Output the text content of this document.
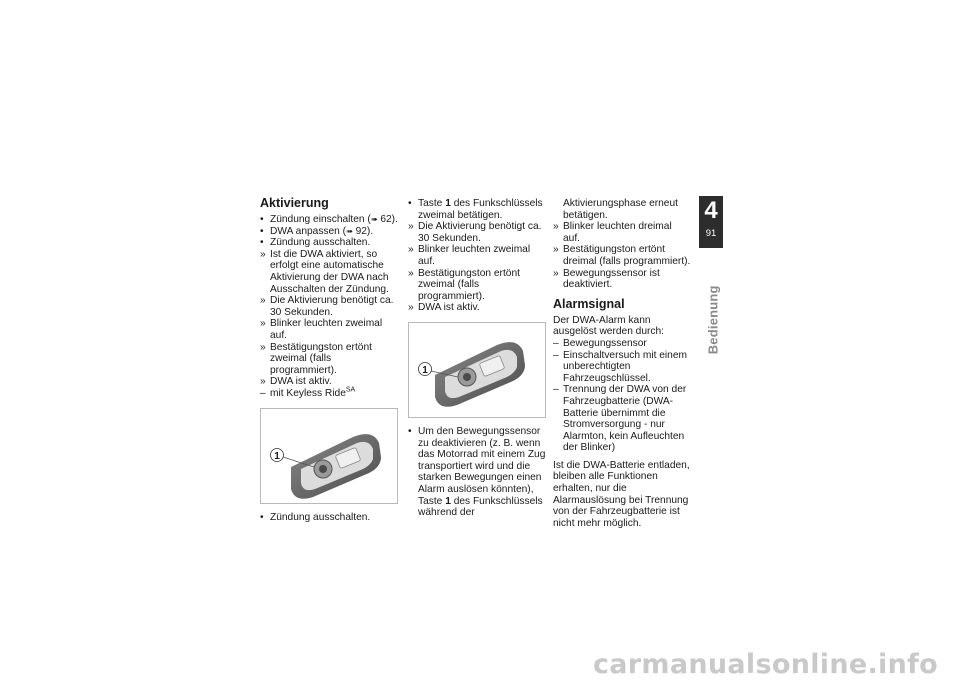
Aktivierung

• Zündung einschalten (➠ 62).

• DWA anpassen (➠ 92).

• Zündung ausschalten.

» Ist die DWA aktiviert, so erfolgt eine automatische Aktivierung der DWA nach Ausschalten der Zündung.

» Die Aktivierung benötigt ca. 30 Sekunden.

» Blinker leuchten zweimal auf.

» Bestätigungston ertönt zweimal (falls programmiert).

» DWA ist aktiv.

– mit Keyless Ride$^{SA}$

1

• Zündung ausschalten.

• Taste 1 des Funkschlüssels zweimal betätigen.

» Die Aktivierung benötigt ca. 30 Sekunden.

» Blinker leuchten zweimal auf.

» Bestätigungston ertönt zweimal (falls programmiert).

» DWA ist aktiv.

1

• Um den Bewegungssensor zu deaktivieren (z. B. wenn das Motorrad mit einem Zug transportiert wird und die starken Bewegungen einen Alarm auslösen könnten), Taste 1 des Funkschlüssels während der

Aktivierungsphase erneut betätigen.

» Blinker leuchten dreimal auf.

» Bestätigungston ertönt dreimal (falls programmiert).

» Bewegungssensor ist deaktiviert.

Alarmsignal

Der DWA-Alarm kann ausgelöst werden durch:

– Bewegungssensor

– Einschaltversuch mit einem unberechtigten Fahrzeugschlüssel.

– Trennung der DWA von der Fahrzeugbatterie (DWA-Batterie übernimmt die Stromversorgung - nur Alarmton, kein Aufleuchten der Blinker)

Ist die DWA-Batterie entladen, bleiben alle Funktionen erhalten, nur die Alarmauslösung bei Trennung von der Fahrzeugbatterie ist nicht mehr möglich.

4
91
Bedienung
carmanualsonline.info
